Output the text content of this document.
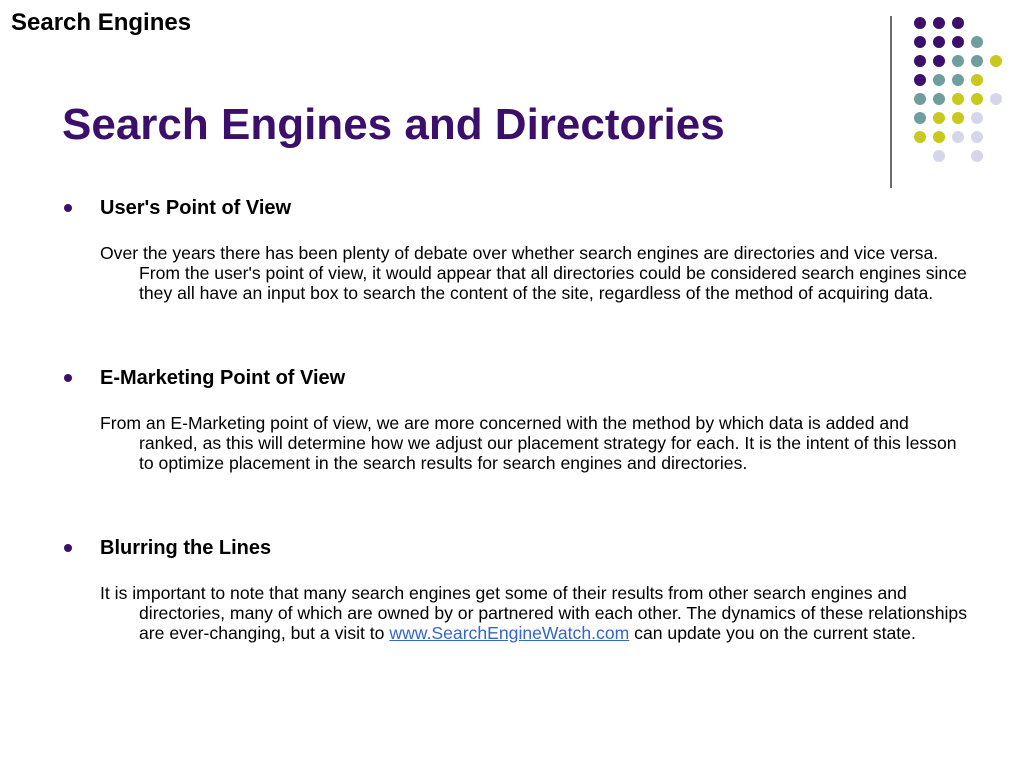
Search Engines
Search Engines and Directories
User's Point of View
Over the years there has been plenty of debate over whether search engines are directories and vice versa. From the user's point of view, it would appear that all directories could be considered search engines since they all have an input box to search the content of the site, regardless of the method of acquiring data.
E-Marketing Point of View
From an E-Marketing point of view, we are more concerned with the method by which data is added and ranked, as this will determine how we adjust our placement strategy for each. It is the intent of this lesson to optimize placement in the search results for search engines and directories.
Blurring the Lines
It is important to note that many search engines get some of their results from other search engines and directories, many of which are owned by or partnered with each other. The dynamics of these relationships are ever-changing, but a visit to www.SearchEngineWatch.com can update you on the current state.
